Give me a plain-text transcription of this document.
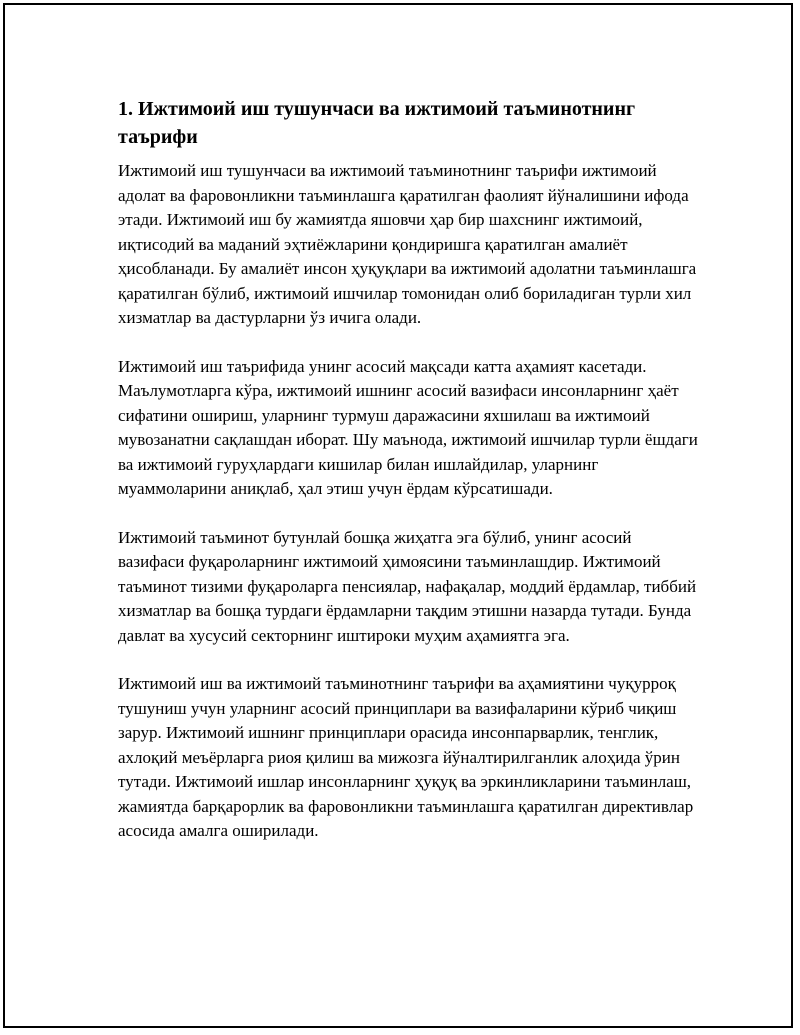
1. Ижтимоий иш тушунчаси ва ижтимоий таъминотнинг таърифи

Ижтимоий иш тушунчаси ва ижтимоий таъминотнинг таърифи ижтимоий адолат ва фаровонликни таъминлашга қаратилган фаолият йўналишини ифода этади. Ижтимоий иш бу жамиятда яшовчи ҳар бир шахснинг ижтимоий, иқтисодий ва маданий эҳтиёжларини қондиришга қаратилган амалиёт ҳисобланади. Бу амалиёт инсон ҳуқуқлари ва ижтимоий адолатни таъминлашга қаратилган бўлиб, ижтимоий ишчилар томонидан олиб бориладиган турли хил хизматлар ва дастурларни ўз ичига олади.

Ижтимоий иш таърифида унинг асосий мақсади катта аҳамият касетади. Маълумотларга кўра, ижтимоий ишнинг асосий вазифаси инсонларнинг ҳаёт сифатини ошириш, уларнинг турмуш даражасини яхшилаш ва ижтимоий мувозанатни сақлашдан иборат. Шу маънода, ижтимоий ишчилар турли ёшдаги ва ижтимоий гуруҳлардаги кишилар билан ишлайдилар, уларнинг муаммоларини аниқлаб, ҳал этиш учун ёрдам кўрсатишади.

Ижтимоий таъминот бутунлай бошқа жиҳатга эга бўлиб, унинг асосий вазифаси фуқароларнинг ижтимоий ҳимоясини таъминлашдир. Ижтимоий таъминот тизими фуқароларга пенсиялар, нафақалар, моддий ёрдамлар, тиббий хизматлар ва бошқа турдаги ёрдамларни тақдим этишни назарда тутади. Бунда давлат ва хусусий секторнинг иштироки муҳим аҳамиятга эга.

Ижтимоий иш ва ижтимоий таъминотнинг таърифи ва аҳамиятини чуқурроқ тушуниш учун уларнинг асосий принциплари ва вазифаларини кўриб чиқиш зарур. Ижтимоий ишнинг принциплари орасида инсонпарварлик, тенглик, ахлоқий меъёрларга риоя қилиш ва мижозга йўналтирилганлик алоҳида ўрин тутади. Ижтимоий ишлар инсонларнинг ҳуқуқ ва эркинликларини таъминлаш, жамиятда барқарорлик ва фаровонликни таъминлашга қаратилган директивлар асосида амалга оширилади.
